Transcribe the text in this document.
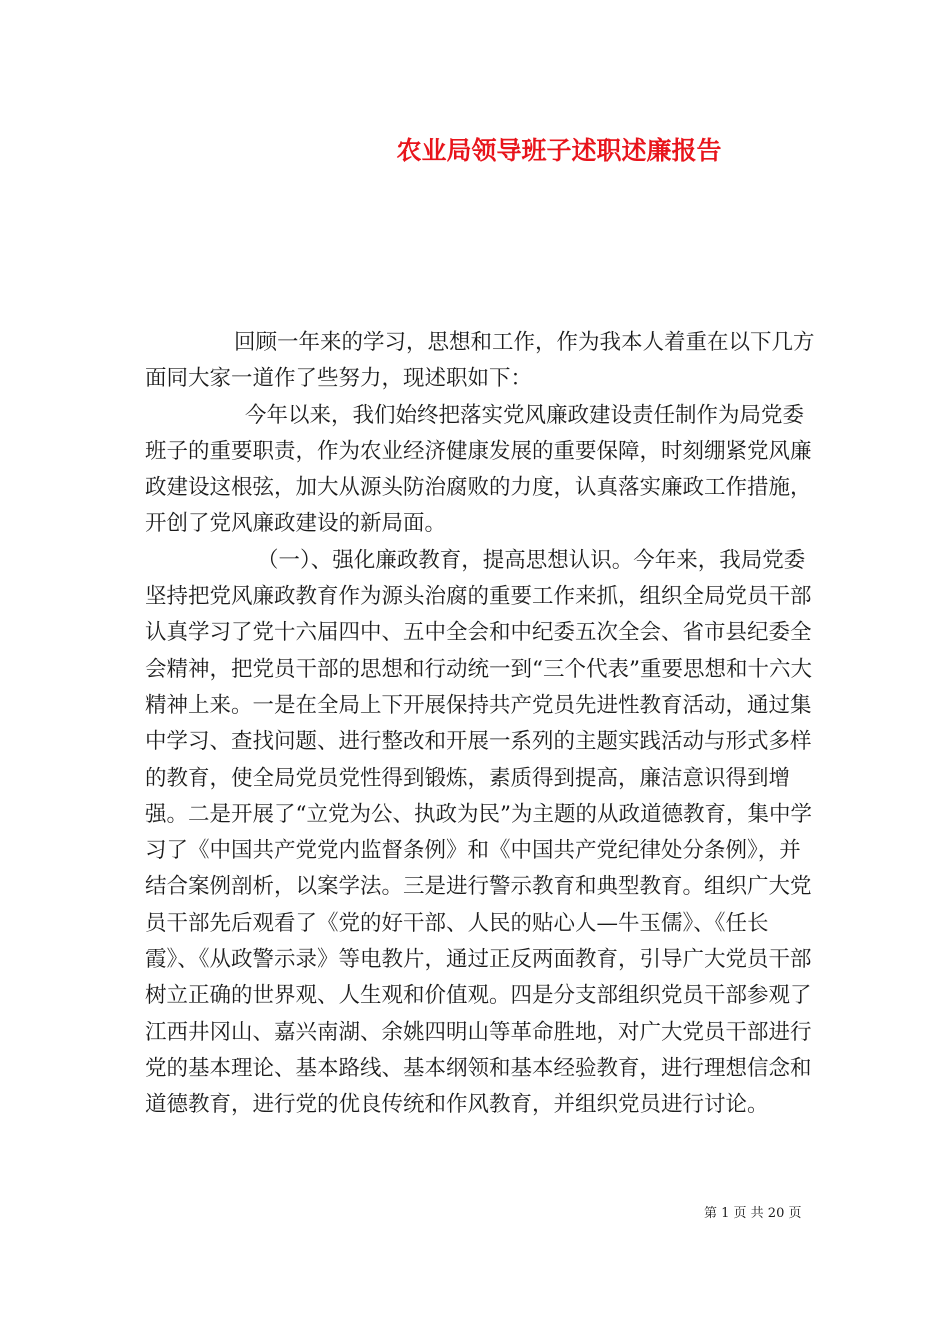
农业局领导班子述职述廉报告

回顾一年来的学习，思想和工作，作为我本人着重在以下几方面同大家一道作了些努力，现述职如下：

今年以来，我们始终把落实党风廉政建设责任制作为局党委班子的重要职责，作为农业经济健康发展的重要保障，时刻绷紧党风廉政建设这根弦，加大从源头防治腐败的力度，认真落实廉政工作措施，开创了党风廉政建设的新局面。

（一）、强化廉政教育，提高思想认识。今年来，我局党委坚持把党风廉政教育作为源头治腐的重要工作来抓，组织全局党员干部认真学习了党十六届四中、五中全会和中纪委五次全会、省市县纪委全会精神，把党员干部的思想和行动统一到“三个代表”重要思想和十六大精神上来。一是在全局上下开展保持共产党员先进性教育活动，通过集中学习、查找问题、进行整改和开展一系列的主题实践活动与形式多样的教育，使全局党员党性得到锻炼，素质得到提高，廉洁意识得到增强。二是开展了“立党为公、执政为民”为主题的从政道德教育，集中学习了《中国共产党党内监督条例》和《中国共产党纪律处分条例》，并结合案例剖析，以案学法。三是进行警示教育和典型教育。组织广大党员干部先后观看了《党的好干部、人民的贴心人—牛玉儒》、《任长霞》、《从政警示录》等电教片，通过正反两面教育，引导广大党员干部树立正确的世界观、人生观和价值观。四是分支部组织党员干部参观了江西井冈山、嘉兴南湖、余姚四明山等革命胜地，对广大党员干部进行党的基本理论、基本路线、基本纲领和基本经验教育，进行理想信念和道德教育，进行党的优良传统和作风教育，并组织党员进行讨论。

第 1 页 共 20 页
